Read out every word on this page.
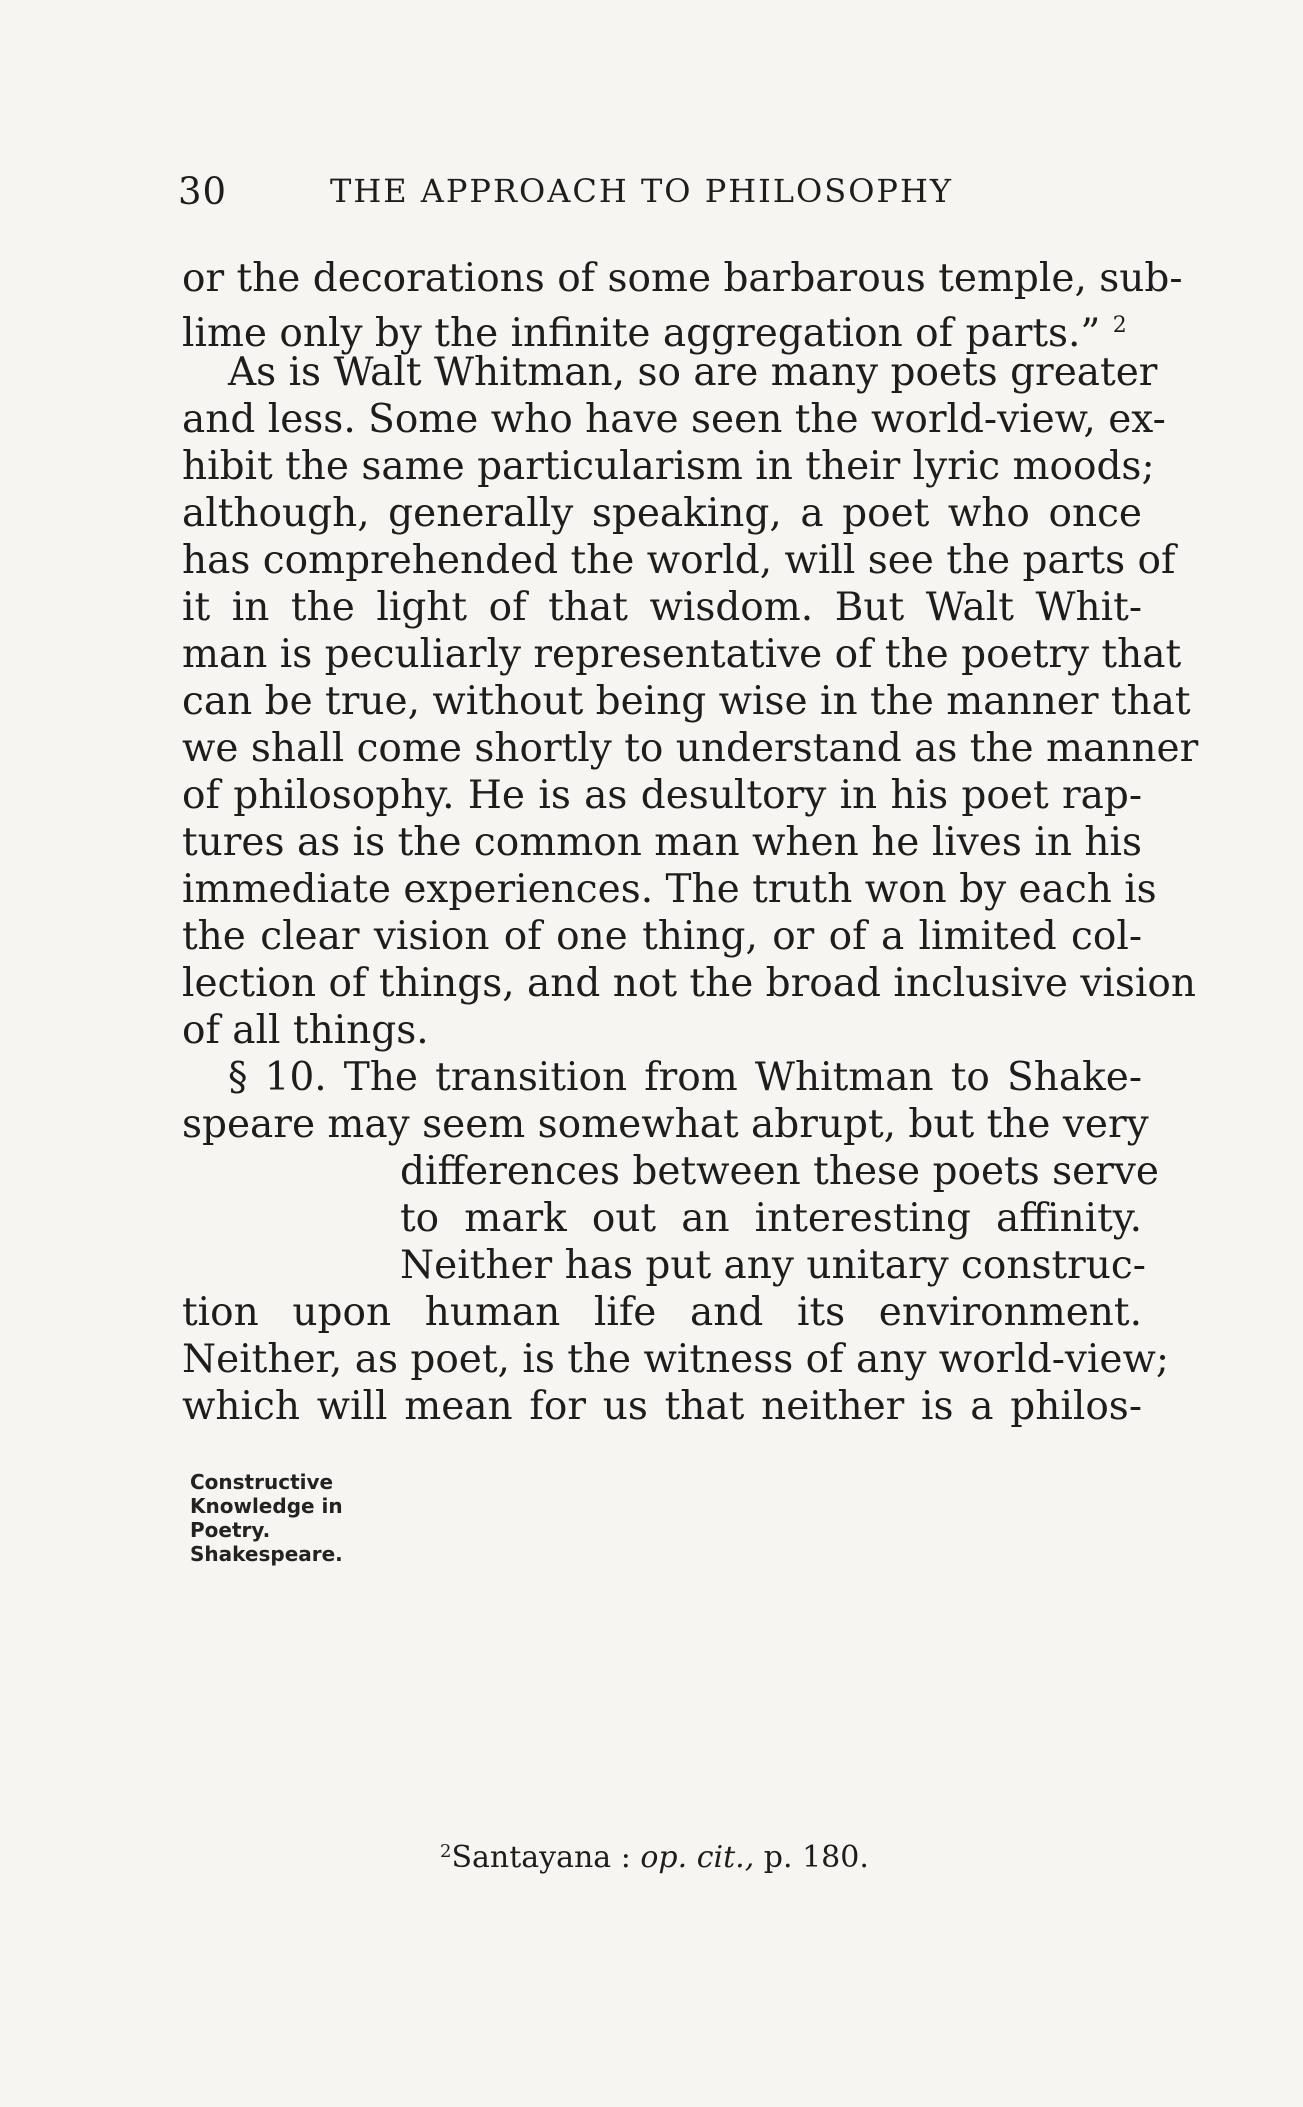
30	THE APPROACH TO PHILOSOPHY
or the decorations of some barbarous temple, sub-
lime only by the infinite aggregation of parts.” $^2$
As is Walt Whitman, so are many poets greater
and less. Some who have seen the world-view, ex-
hibit the same particularism in their lyric moods;
although, generally speaking, a poet who once
has comprehended the world, will see the parts of
it in the light of that wisdom. But Walt Whit-
man is peculiarly representative of the poetry that
can be true, without being wise in the manner that
we shall come shortly to understand as the manner
of philosophy. He is as desultory in his poet rap-
tures as is the common man when he lives in his
immediate experiences. The truth won by each is
the clear vision of one thing, or of a limited col-
lection of things, and not the broad inclusive vision
of all things.
§ 10. The transition from Whitman to Shake-
speare may seem somewhat abrupt, but the very
differences between these poets serve
to mark out an interesting affinity.
Neither has put any unitary construc-
tion upon human life and its environment.
Neither, as poet, is the witness of any world-view;
which will mean for us that neither is a philos-
Constructive
Knowledge in
Poetry.
Shakespeare.
$^2$Santayana : op. cit., p. 180.
